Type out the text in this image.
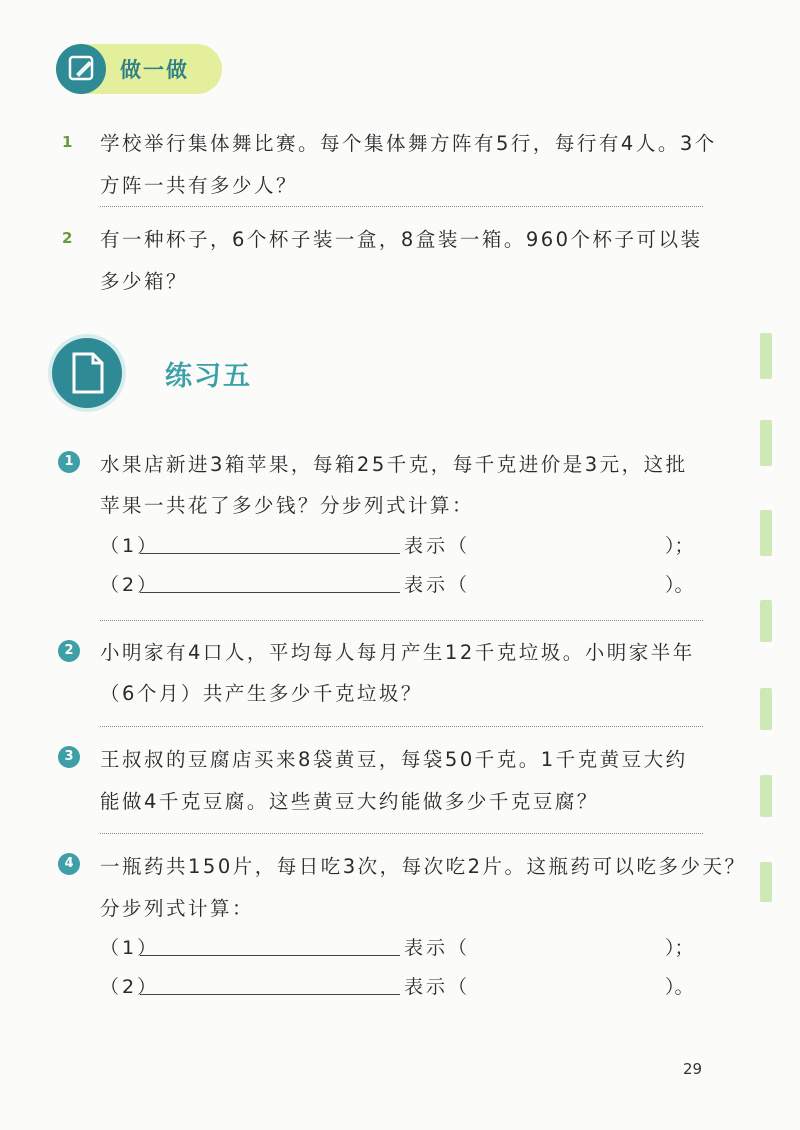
做一做
1 学校举行集体舞比赛。每个集体舞方阵有5行，每行有4人。3个
方阵一共有多少人？
2 有一种杯子，6个杯子装一盒，8盒装一箱。960个杯子可以装
多少箱？
练习五
1	水果店新进3箱苹果，每箱25千克，每千克进价是3元，这批
苹果一共花了多少钱？分步列式计算：
（1）	表示（	）；
（2）	表示（	）。
2	小明家有4口人，平均每人每月产生12千克垃圾。小明家半年
（6个月）共产生多少千克垃圾？
3	王叔叔的豆腐店买来8袋黄豆，每袋50千克。1千克黄豆大约
能做4千克豆腐。这些黄豆大约能做多少千克豆腐？
4	一瓶药共150片，每日吃3次，每次吃2片。这瓶药可以吃多少天？
分步列式计算：
（1）	表示（	）；
（2）	表示（	）。
29
